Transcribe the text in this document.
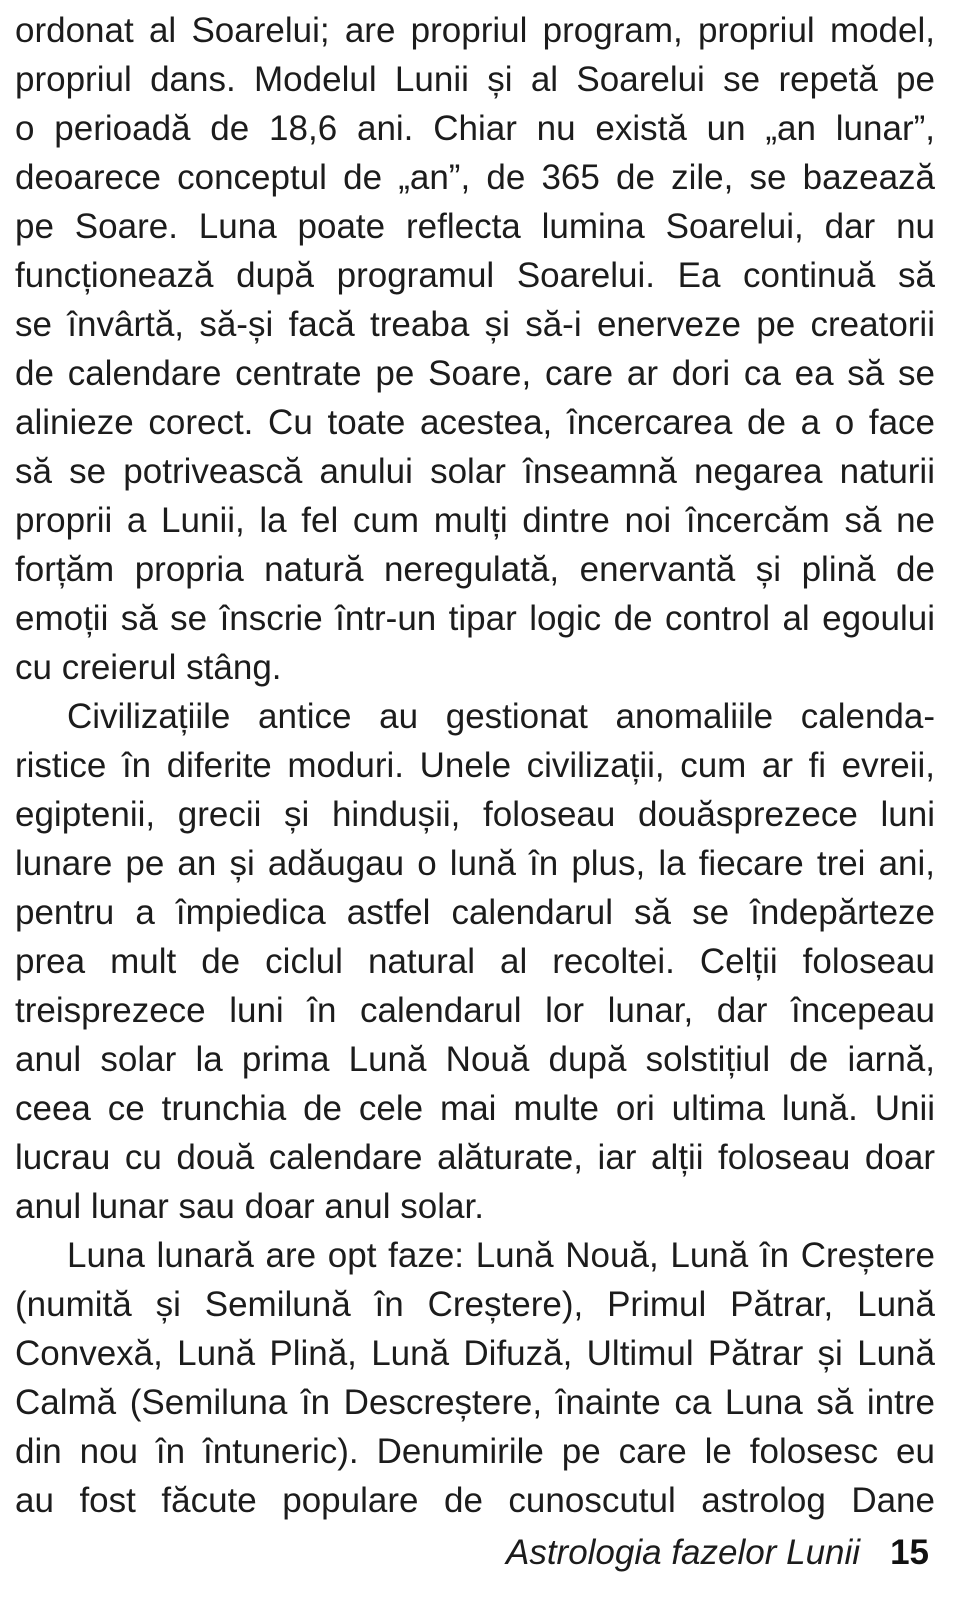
ordonat al Soarelui; are propriul program, propriul model,
propriul dans. Modelul Lunii și al Soarelui se repetă pe
o perioadă de 18,6 ani. Chiar nu există un „an lunar”,
deoarece conceptul de „an”, de 365 de zile, se bazează
pe Soare. Luna poate reflecta lumina Soarelui, dar nu
funcționează după programul Soarelui. Ea continuă să
se învârtă, să-și facă treaba și să-i enerveze pe creatorii
de calendare centrate pe Soare, care ar dori ca ea să se
alinieze corect. Cu toate acestea, încercarea de a o face
să se potrivească anului solar înseamnă negarea naturii
proprii a Lunii, la fel cum mulți dintre noi încercăm să ne
forțăm propria natură neregulată, enervantă și plină de
emoții să se înscrie într-un tipar logic de control al egoului
cu creierul stâng.
Civilizațiile antice au gestionat anomaliile calenda-
ristice în diferite moduri. Unele civilizații, cum ar fi evreii,
egiptenii, grecii și hindușii, foloseau douăsprezece luni
lunare pe an și adăugau o lună în plus, la fiecare trei ani,
pentru a împiedica astfel calendarul să se îndepărteze
prea mult de ciclul natural al recoltei. Celții foloseau
treisprezece luni în calendarul lor lunar, dar începeau
anul solar la prima Lună Nouă după solstițiul de iarnă,
ceea ce trunchia de cele mai multe ori ultima lună. Unii
lucrau cu două calendare alăturate, iar alții foloseau doar
anul lunar sau doar anul solar.
Luna lunară are opt faze: Lună Nouă, Lună în Creștere
(numită și Semilună în Creștere), Primul Pătrar, Lună
Convexă, Lună Plină, Lună Difuză, Ultimul Pătrar și Lună
Calmă (Semiluna în Descreștere, înainte ca Luna să intre
din nou în întuneric). Denumirile pe care le folosesc eu
au fost făcute populare de cunoscutul astrolog Dane
Astrologia fazelor Lunii 15
